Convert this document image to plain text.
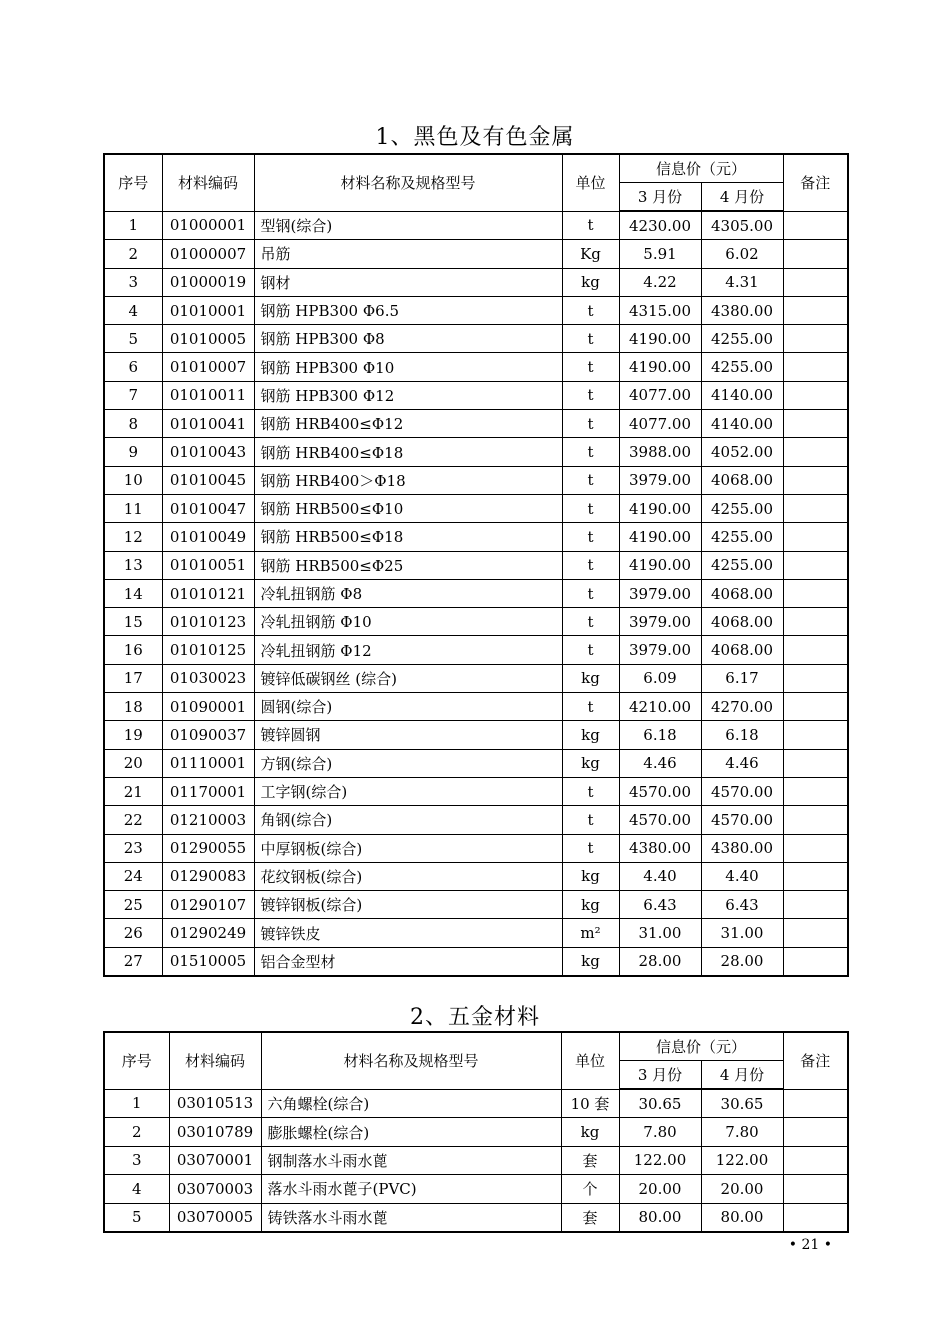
1、黑色及有色金属
序号	材料编码	材料名称及规格型号	单位	信息价（元）		备注
				3 月份	4 月份	
1	01000001	型钢(综合)	t	4230.00	4305.00	
2	01000007	吊筋	Kg	5.91	6.02	
3	01000019	钢材	kg	4.22	4.31	
4	01010001	钢筋 HPB300 Φ6.5	t	4315.00	4380.00	
5	01010005	钢筋 HPB300 Φ8	t	4190.00	4255.00	
6	01010007	钢筋 HPB300 Φ10	t	4190.00	4255.00	
7	01010011	钢筋 HPB300 Φ12	t	4077.00	4140.00	
8	01010041	钢筋 HRB400≤Φ12	t	4077.00	4140.00	
9	01010043	钢筋 HRB400≤Φ18	t	3988.00	4052.00	
10	01010045	钢筋 HRB400＞Φ18	t	3979.00	4068.00	
11	01010047	钢筋 HRB500≤Φ10	t	4190.00	4255.00	
12	01010049	钢筋 HRB500≤Φ18	t	4190.00	4255.00	
13	01010051	钢筋 HRB500≤Φ25	t	4190.00	4255.00	
14	01010121	冷轧扭钢筋 Φ8	t	3979.00	4068.00	
15	01010123	冷轧扭钢筋 Φ10	t	3979.00	4068.00	
16	01010125	冷轧扭钢筋 Φ12	t	3979.00	4068.00	
17	01030023	镀锌低碳钢丝 (综合)	kg	6.09	6.17	
18	01090001	圆钢(综合)	t	4210.00	4270.00	
19	01090037	镀锌圆钢	kg	6.18	6.18	
20	01110001	方钢(综合)	kg	4.46	4.46	
21	01170001	工字钢(综合)	t	4570.00	4570.00	
22	01210003	角钢(综合)	t	4570.00	4570.00	
23	01290055	中厚钢板(综合)	t	4380.00	4380.00	
24	01290083	花纹钢板(综合)	kg	4.40	4.40	
25	01290107	镀锌钢板(综合)	kg	6.43	6.43	
26	01290249	镀锌铁皮	m²	31.00	31.00	
27	01510005	铝合金型材	kg	28.00	28.00	
2、五金材料
序号	材料编码	材料名称及规格型号	单位	信息价（元）		备注
				3 月份	4 月份	
1	03010513	六角螺栓(综合)	10 套	30.65	30.65	
2	03010789	膨胀螺栓(综合)	kg	7.80	7.80	
3	03070001	钢制落水斗雨水蓖	套	122.00	122.00	
4	03070003	落水斗雨水蓖子(PVC)	个	20.00	20.00	
5	03070005	铸铁落水斗雨水蓖	套	80.00	80.00	
• 21 •
